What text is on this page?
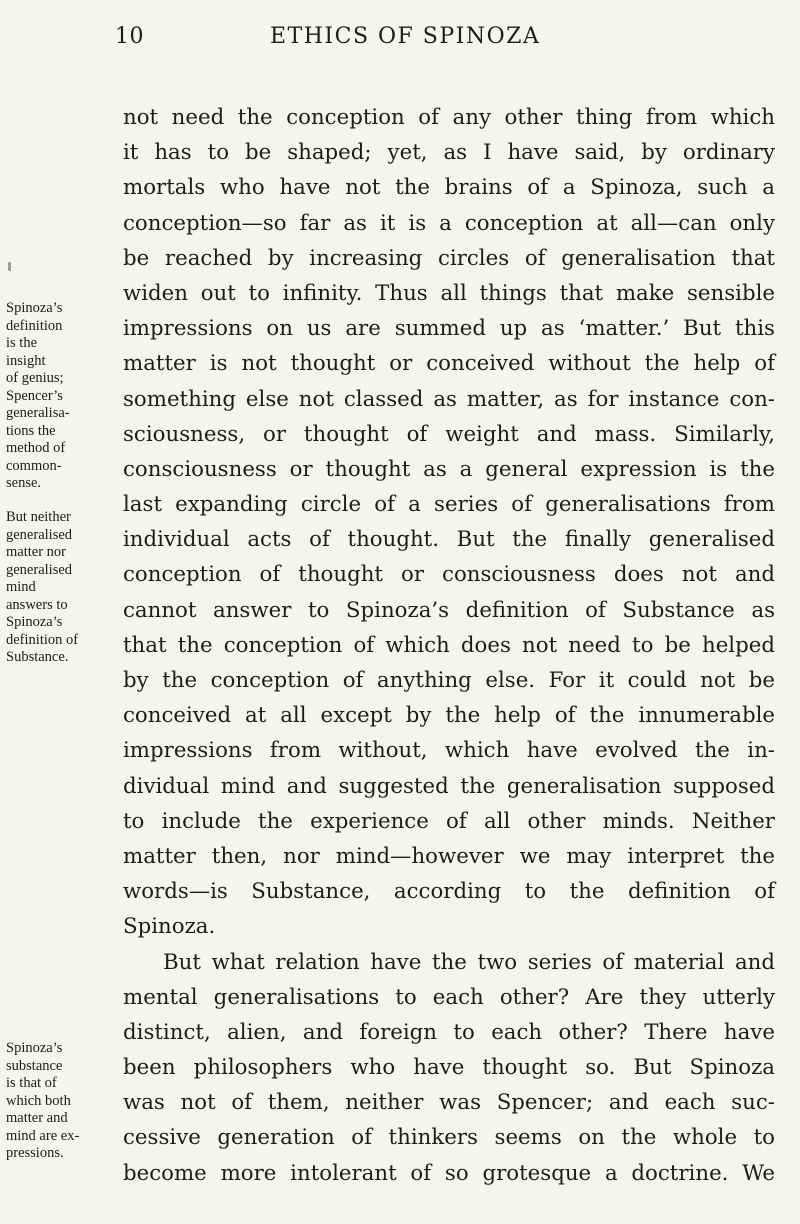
10	ETHICS OF SPINOZA
not need the conception of any other thing from which
it has to be shaped; yet, as I have said, by ordinary
mortals who have not the brains of a Spinoza, such a
conception—so far as it is a conception at all—can only
be reached by increasing circles of generalisation that
widen out to infinity. Thus all things that make sensible
impressions on us are summed up as ‘matter.’ But this
matter is not thought or conceived without the help of
something else not classed as matter, as for instance con-
sciousness, or thought of weight and mass. Similarly,
consciousness or thought as a general expression is the
last expanding circle of a series of generalisations from
individual acts of thought. But the finally generalised
conception of thought or consciousness does not and
cannot answer to Spinoza’s definition of Substance as
that the conception of which does not need to be helped
by the conception of anything else. For it could not be
conceived at all except by the help of the innumerable
impressions from without, which have evolved the in-
dividual mind and suggested the generalisation supposed
to include the experience of all other minds. Neither
matter then, nor mind—however we may interpret the
words—is Substance, according to the definition of
Spinoza.
But what relation have the two series of material and
mental generalisations to each other? Are they utterly
distinct, alien, and foreign to each other? There have
been philosophers who have thought so. But Spinoza
was not of them, neither was Spencer; and each suc-
cessive generation of thinkers seems on the whole to
become more intolerant of so grotesque a doctrine. We
Spinoza’s
definition
is the
insight
of genius;
Spencer’s
generalisa-
tions the
method of
common-
sense.
But neither
generalised
matter nor
generalised
mind
answers to
Spinoza’s
definition of
Substance.
Spinoza’s
substance
is that of
which both
matter and
mind are ex-
pressions.
